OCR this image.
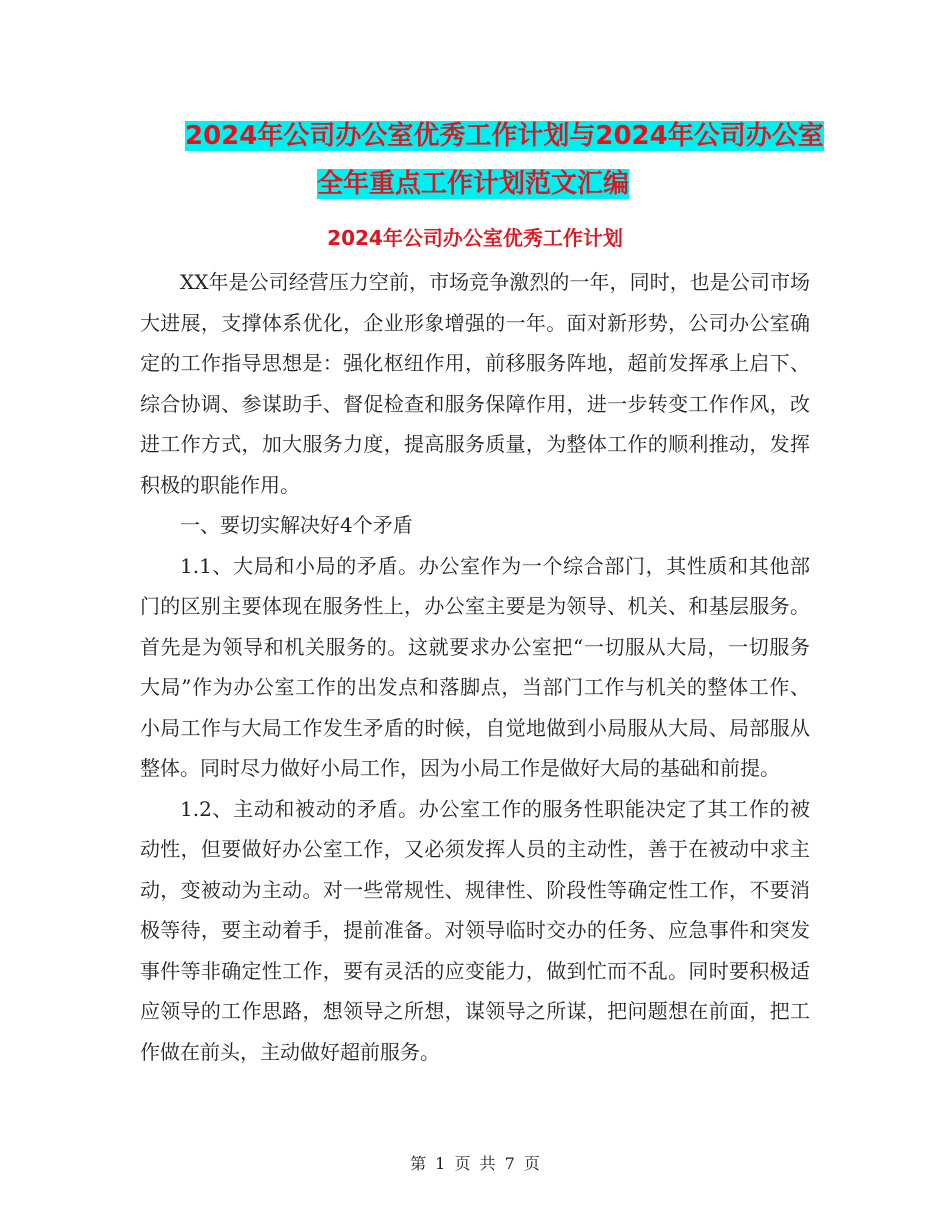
2024年公司办公室优秀工作计划与2024年公司办公室
全年重点工作计划范文汇编
2024年公司办公室优秀工作计划

XX年是公司经营压力空前，市场竞争激烈的一年，同时，也是公司市场大进展，支撑体系优化，企业形象增强的一年。面对新形势，公司办公室确定的工作指导思想是：强化枢纽作用，前移服务阵地，超前发挥承上启下、综合协调、参谋助手、督促检查和服务保障作用，进一步转变工作作风，改进工作方式，加大服务力度，提高服务质量，为整体工作的顺利推动，发挥积极的职能作用。

一、要切实解决好4个矛盾

1.1、大局和小局的矛盾。办公室作为一个综合部门，其性质和其他部门的区别主要体现在服务性上，办公室主要是为领导、机关、和基层服务。首先是为领导和机关服务的。这就要求办公室把“一切服从大局，一切服务大局”作为办公室工作的出发点和落脚点，当部门工作与机关的整体工作、小局工作与大局工作发生矛盾的时候，自觉地做到小局服从大局、局部服从整体。同时尽力做好小局工作，因为小局工作是做好大局的基础和前提。

1.2、主动和被动的矛盾。办公室工作的服务性职能决定了其工作的被动性，但要做好办公室工作，又必须发挥人员的主动性，善于在被动中求主动，变被动为主动。对一些常规性、规律性、阶段性等确定性工作，不要消极等待，要主动着手，提前准备。对领导临时交办的任务、应急事件和突发事件等非确定性工作，要有灵活的应变能力，做到忙而不乱。同时要积极适应领导的工作思路，想领导之所想，谋领导之所谋，把问题想在前面，把工作做在前头，主动做好超前服务。

第 1 页 共 7 页
